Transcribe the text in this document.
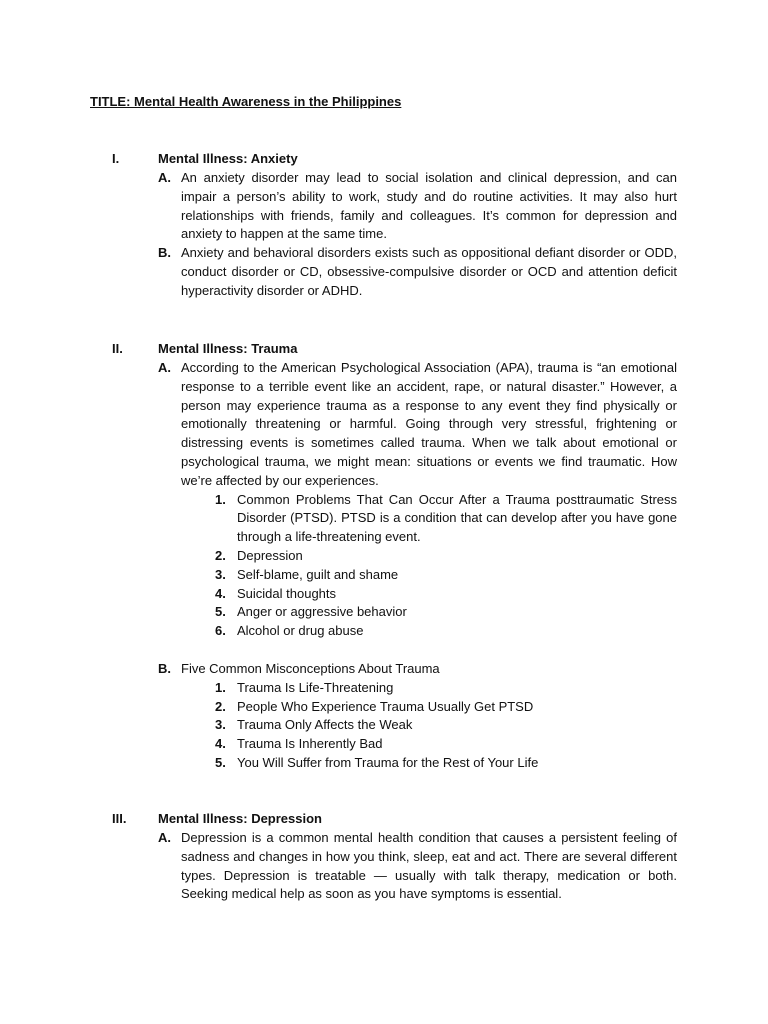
TITLE: Mental Health Awareness in the Philippines
I.	Mental Illness: Anxiety
A. An anxiety disorder may lead to social isolation and clinical depression, and can impair a person’s ability to work, study and do routine activities. It may also hurt relationships with friends, family and colleagues. It’s common for depression and anxiety to happen at the same time.
B. Anxiety and behavioral disorders exists such as oppositional defiant disorder or ODD, conduct disorder or CD, obsessive-compulsive disorder or OCD and attention deficit hyperactivity disorder or ADHD.
II.	Mental Illness: Trauma
A. According to the American Psychological Association (APA), trauma is “an emotional response to a terrible event like an accident, rape, or natural disaster.” However, a person may experience trauma as a response to any event they find physically or emotionally threatening or harmful. Going through very stressful, frightening or distressing events is sometimes called trauma. When we talk about emotional or psychological trauma, we might mean: situations or events we find traumatic. How we’re affected by our experiences.
1. Common Problems That Can Occur After a Trauma posttraumatic Stress Disorder (PTSD). PTSD is a condition that can develop after you have gone through a life-threatening event.
2. Depression
3. Self-blame, guilt and shame
4. Suicidal thoughts
5. Anger or aggressive behavior
6. Alcohol or drug abuse
B. Five Common Misconceptions About Trauma
1. Trauma Is Life-Threatening
2. People Who Experience Trauma Usually Get PTSD
3. Trauma Only Affects the Weak
4. Trauma Is Inherently Bad
5. You Will Suffer from Trauma for the Rest of Your Life
III. Mental Illness: Depression
A. Depression is a common mental health condition that causes a persistent feeling of sadness and changes in how you think, sleep, eat and act. There are several different types. Depression is treatable — usually with talk therapy, medication or both. Seeking medical help as soon as you have symptoms is essential.
